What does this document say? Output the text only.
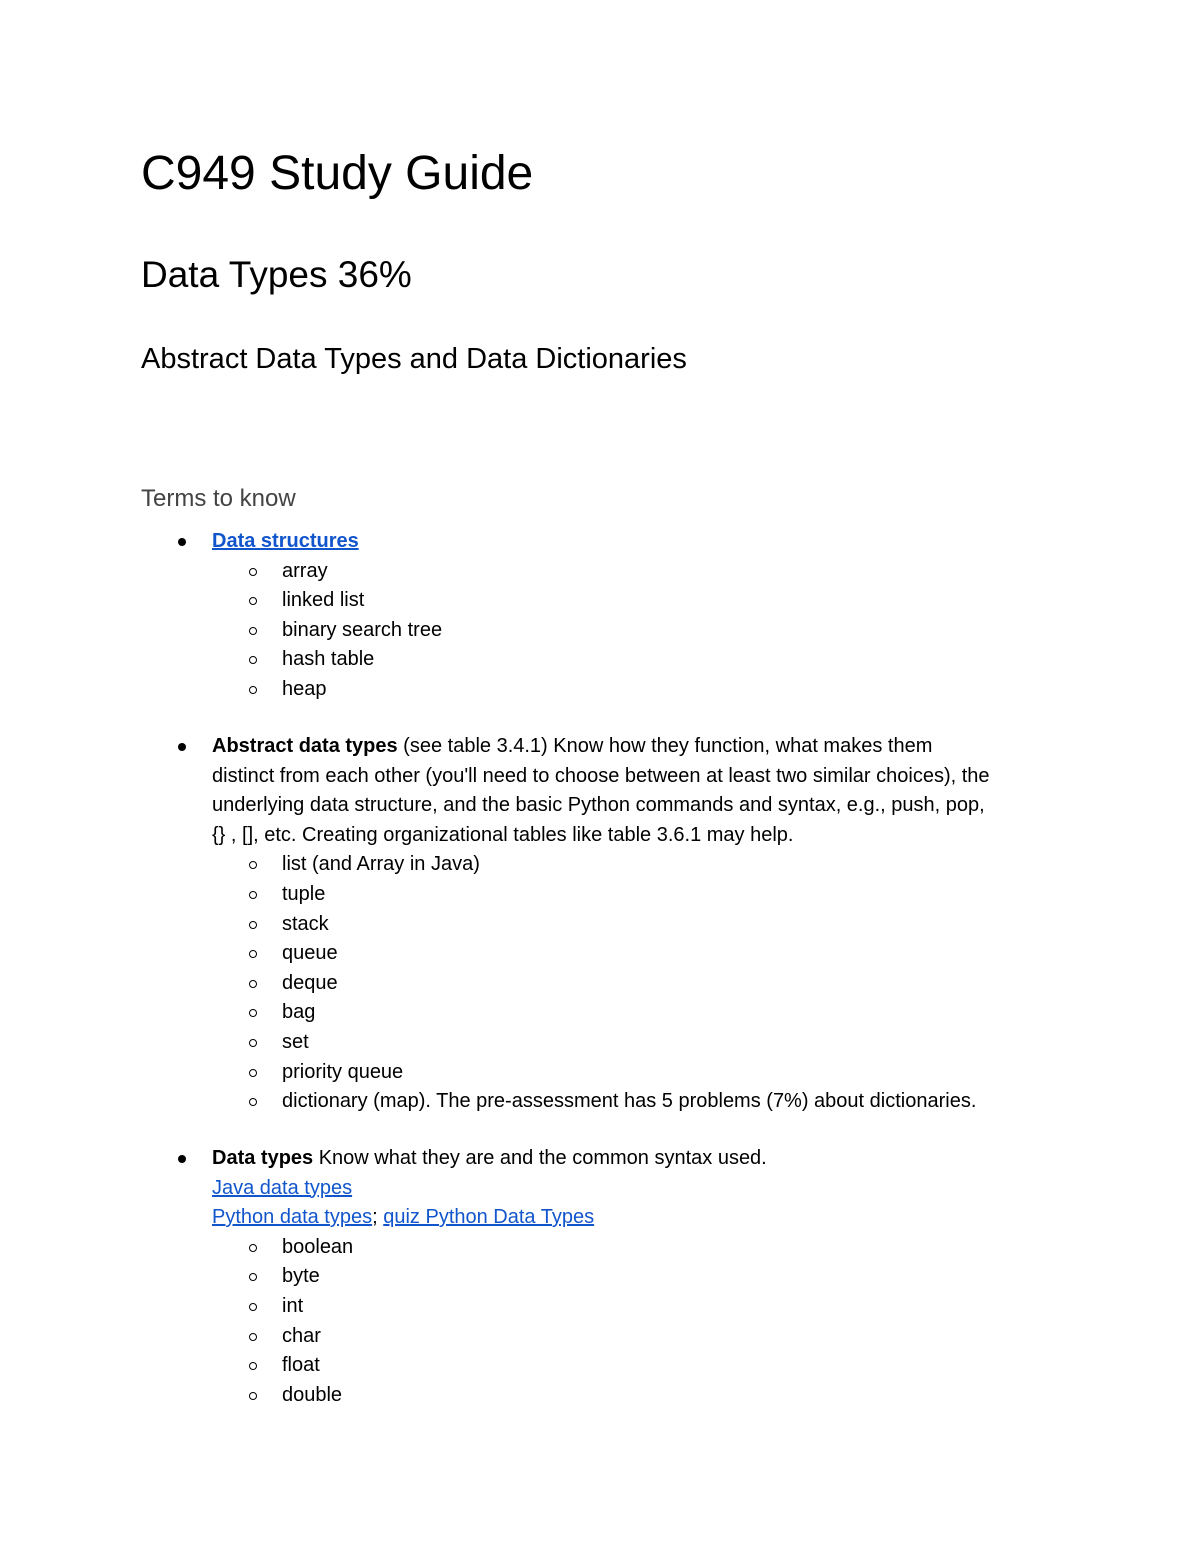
C949 Study Guide
Data Types 36%
Abstract Data Types and Data Dictionaries
Terms to know
Data structures
array
linked list
binary search tree
hash table
heap
Abstract data types (see table 3.4.1) Know how they function, what makes them
distinct from each other (you'll need to choose between at least two similar choices), the
underlying data structure, and the basic Python commands and syntax, e.g., push, pop,
{} , [], etc. Creating organizational tables like table 3.6.1 may help.
list (and Array in Java)
tuple
stack
queue
deque
bag
set
priority queue
dictionary (map). The pre-assessment has 5 problems (7%) about dictionaries.
Data types Know what they are and the common syntax used.
Java data types
Python data types; quiz Python Data Types
boolean
byte
int
char
float
double
